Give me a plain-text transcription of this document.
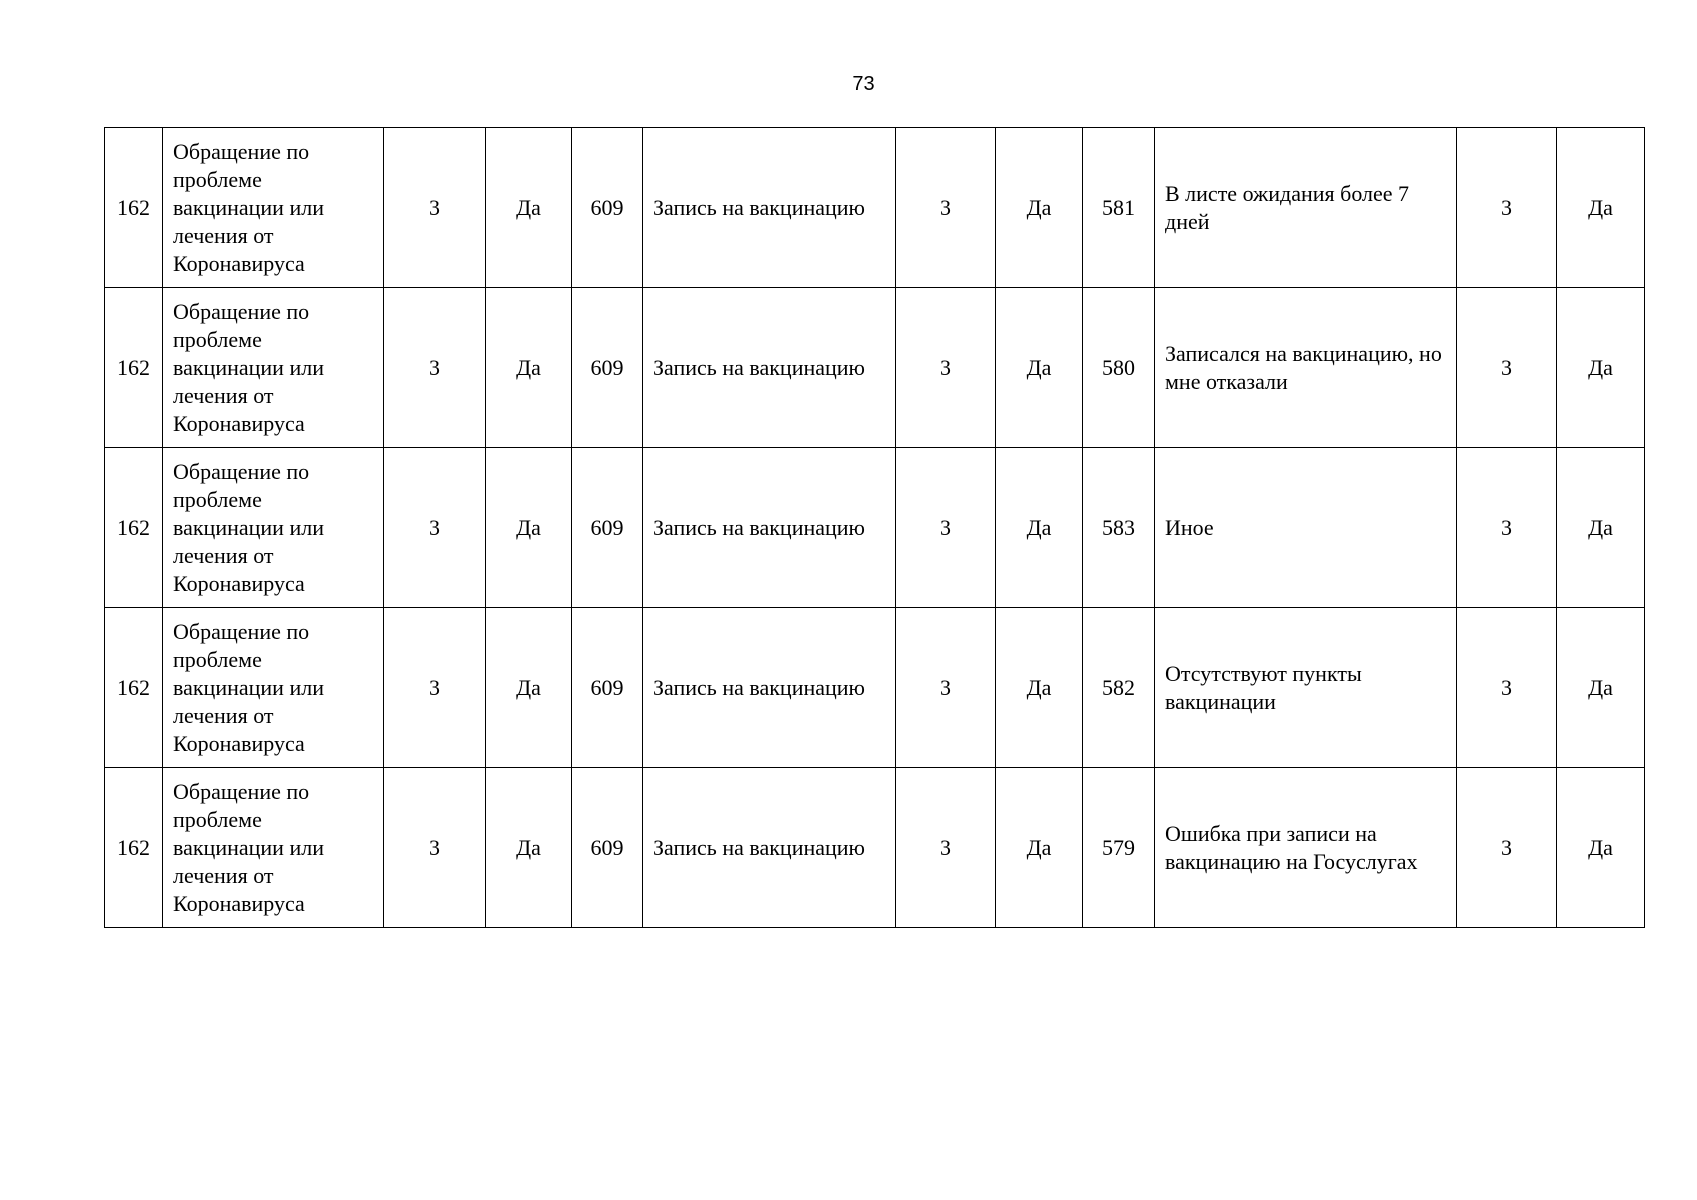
73
162	Обращение по проблеме вакцинации или лечения от Коронавируса	3	Да	609	Запись на вакцинацию	3	Да	581	В листе ожидания более 7 дней	3	Да
162	Обращение по проблеме вакцинации или лечения от Коронавируса	3	Да	609	Запись на вакцинацию	3	Да	580	Записался на вакцинацию, но мне отказали	3	Да
162	Обращение по проблеме вакцинации или лечения от Коронавируса	3	Да	609	Запись на вакцинацию	3	Да	583	Иное	3	Да
162	Обращение по проблеме вакцинации или лечения от Коронавируса	3	Да	609	Запись на вакцинацию	3	Да	582	Отсутствуют пункты вакцинации	3	Да
162	Обращение по проблеме вакцинации или лечения от Коронавируса	3	Да	609	Запись на вакцинацию	3	Да	579	Ошибка при записи на вакцинацию на Госуслугах	3	Да
